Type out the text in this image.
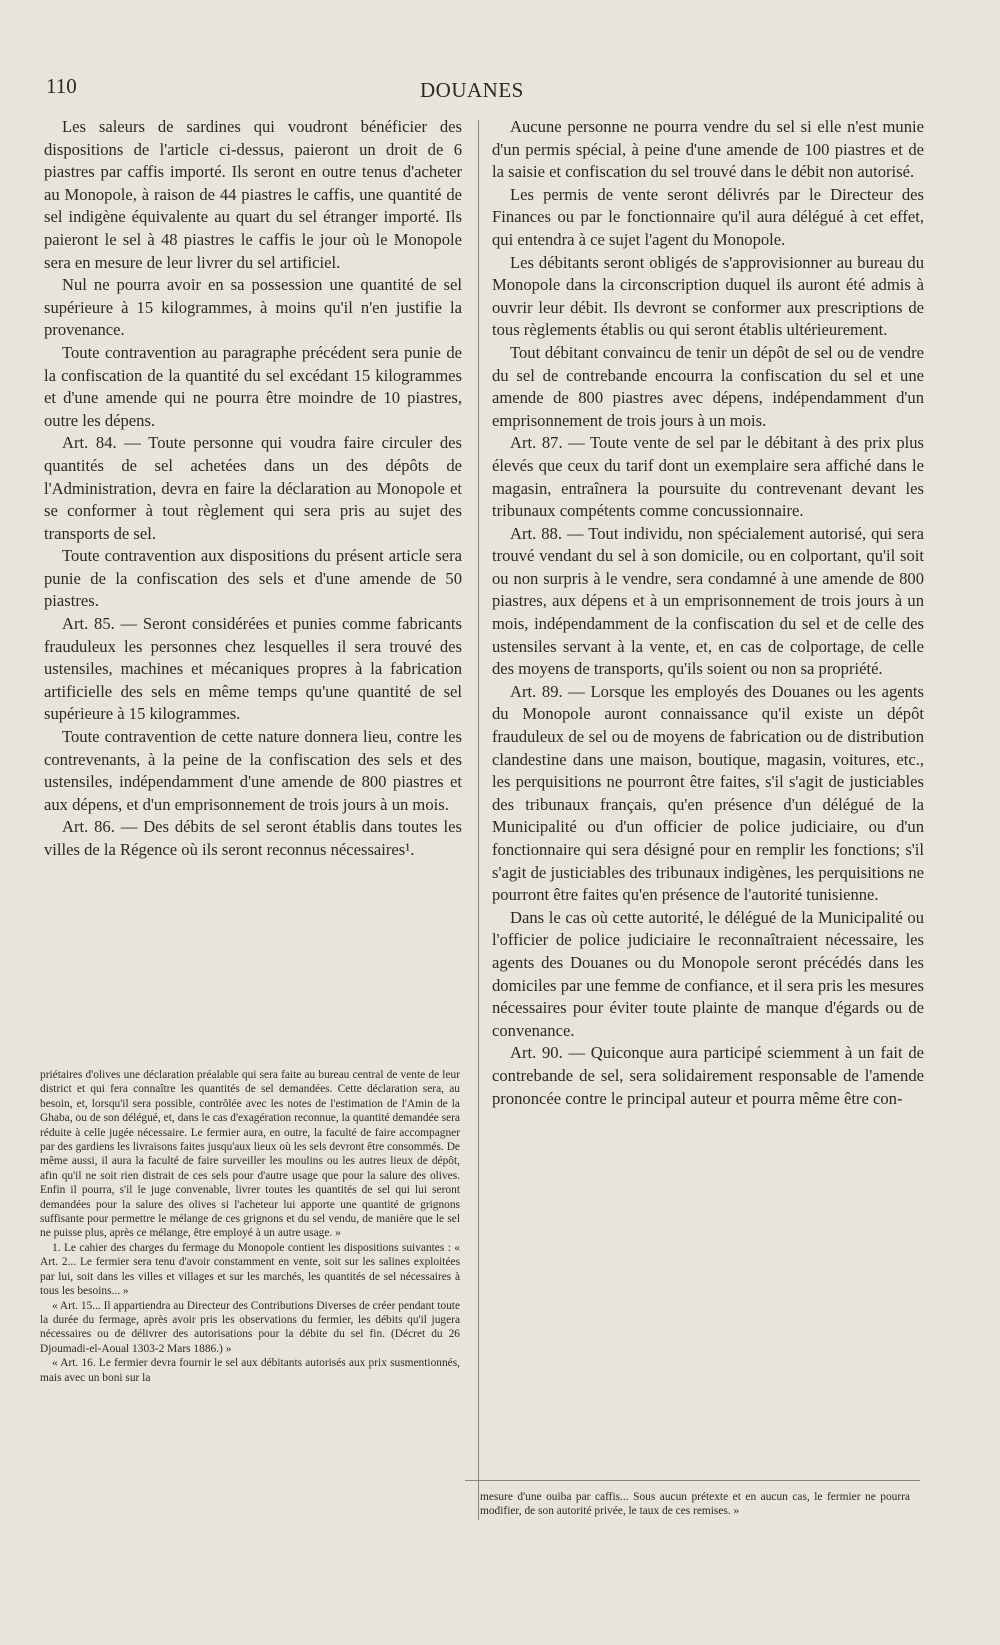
110	DOUANES

Les saleurs de sardines qui voudront bénéficier des dispositions de l'article ci-dessus, paieront un droit de 6 piastres par caffis importé. Ils seront en outre tenus d'acheter au Monopole, à raison de 44 piastres le caffis, une quantité de sel indigène équivalente au quart du sel étranger importé. Ils paieront le sel à 48 piastres le caffis le jour où le Monopole sera en mesure de leur livrer du sel artificiel.

Nul ne pourra avoir en sa possession une quantité de sel supérieure à 15 kilogrammes, à moins qu'il n'en justifie la provenance.

Toute contravention au paragraphe précédent sera punie de la confiscation de la quantité du sel excédant 15 kilogrammes et d'une amende qui ne pourra être moindre de 10 piastres, outre les dépens.

Art. 84. — Toute personne qui voudra faire circuler des quantités de sel achetées dans un des dépôts de l'Administration, devra en faire la déclaration au Monopole et se conformer à tout règlement qui sera pris au sujet des transports de sel.

Toute contravention aux dispositions du présent article sera punie de la confiscation des sels et d'une amende de 50 piastres.

Art. 85. — Seront considérées et punies comme fabricants frauduleux les personnes chez lesquelles il sera trouvé des ustensiles, machines et mécaniques propres à la fabrication artificielle des sels en même temps qu'une quantité de sel supérieure à 15 kilogrammes.

Toute contravention de cette nature donnera lieu, contre les contrevenants, à la peine de la confiscation des sels et des ustensiles, indépendamment d'une amende de 800 piastres et aux dépens, et d'un emprisonnement de trois jours à un mois.

Art. 86. — Des débits de sel seront établis dans toutes les villes de la Régence où ils seront reconnus nécessaires¹.

Aucune personne ne pourra vendre du sel si elle n'est munie d'un permis spécial, à peine d'une amende de 100 piastres et de la saisie et confiscation du sel trouvé dans le débit non autorisé.

Les permis de vente seront délivrés par le Directeur des Finances ou par le fonctionnaire qu'il aura délégué à cet effet, qui entendra à ce sujet l'agent du Monopole.

Les débitants seront obligés de s'approvisionner au bureau du Monopole dans la circonscription duquel ils auront été admis à ouvrir leur débit. Ils devront se conformer aux prescriptions de tous règlements établis ou qui seront établis ultérieurement.

Tout débitant convaincu de tenir un dépôt de sel ou de vendre du sel de contrebande encourra la confiscation du sel et une amende de 800 piastres avec dépens, indépendamment d'un emprisonnement de trois jours à un mois.

Art. 87. — Toute vente de sel par le débitant à des prix plus élevés que ceux du tarif dont un exemplaire sera affiché dans le magasin, entraînera la poursuite du contrevenant devant les tribunaux compétents comme concussionnaire.

Art. 88. — Tout individu, non spécialement autorisé, qui sera trouvé vendant du sel à son domicile, ou en colportant, qu'il soit ou non surpris à le vendre, sera condamné à une amende de 800 piastres, aux dépens et à un emprisonnement de trois jours à un mois, indépendamment de la confiscation du sel et de celle des ustensiles servant à la vente, et, en cas de colportage, de celle des moyens de transports, qu'ils soient ou non sa propriété.

Art. 89. — Lorsque les employés des Douanes ou les agents du Monopole auront connaissance qu'il existe un dépôt frauduleux de sel ou de moyens de fabrication ou de distribution clandestine dans une maison, boutique, magasin, voitures, etc., les perquisitions ne pourront être faites, s'il s'agit de justiciables des tribunaux français, qu'en présence d'un délégué de la Municipalité ou d'un officier de police judiciaire, ou d'un fonctionnaire qui sera désigné pour en remplir les fonctions; s'il s'agit de justiciables des tribunaux indigènes, les perquisitions ne pourront être faites qu'en présence de l'autorité tunisienne.

Dans le cas où cette autorité, le délégué de la Municipalité ou l'officier de police judiciaire le reconnaîtraient nécessaire, les agents des Douanes ou du Monopole seront précédés dans les domiciles par une femme de confiance, et il sera pris les mesures nécessaires pour éviter toute plainte de manque d'égards ou de convenance.

Art. 90. — Quiconque aura participé sciemment à un fait de contrebande de sel, sera solidairement responsable de l'amende prononcée contre le principal auteur et pourra même être con-

priétaires d'olives une déclaration préalable qui sera faite au bureau central de vente de leur district et qui fera connaître les quantités de sel demandées. Cette déclaration sera, au besoin, et, lorsqu'il sera possible, contrôlée avec les notes de l'estimation de l'Amin de la Ghaba, ou de son délégué, et, dans le cas d'exagération reconnue, la quantité demandée sera réduite à celle jugée nécessaire. Le fermier aura, en outre, la faculté de faire accompagner par des gardiens les livraisons faites jusqu'aux lieux où les sels devront être consommés. De même aussi, il aura la faculté de faire surveiller les moulins ou les autres lieux de dépôt, afin qu'il ne soit rien distrait de ces sels pour d'autre usage que pour la salure des olives. Enfin il pourra, s'il le juge convenable, livrer toutes les quantités de sel qui lui seront demandées pour la salure des olives si l'acheteur lui apporte une quantité de grignons suffisante pour permettre le mélange de ces grignons et du sel vendu, de manière que le sel ne puisse plus, après ce mélange, être employé à un autre usage. »

1. Le cahier des charges du fermage du Monopole contient les dispositions suivantes : « Art. 2... Le fermier sera tenu d'avoir constamment en vente, soit sur les salines exploitées par lui, soit dans les villes et villages et sur les marchés, les quantités de sel nécessaires à tous les besoins... »

« Art. 15... Il appartiendra au Directeur des Contributions Diverses de créer pendant toute la durée du fermage, après avoir pris les observations du fermier, les débits qu'il jugera nécessaires ou de délivrer des autorisations pour la débite du sel fin. (Décret du 26 Djoumadi-el-Aoual 1303-2 Mars 1886.) »

« Art. 16. Le fermier devra fournir le sel aux débitants autorisés aux prix susmentionnés, mais avec un boni sur la

mesure d'une ouiba par caffis... Sous aucun prétexte et en aucun cas, le fermier ne pourra modifier, de son autorité privée, le taux de ces remises. »
